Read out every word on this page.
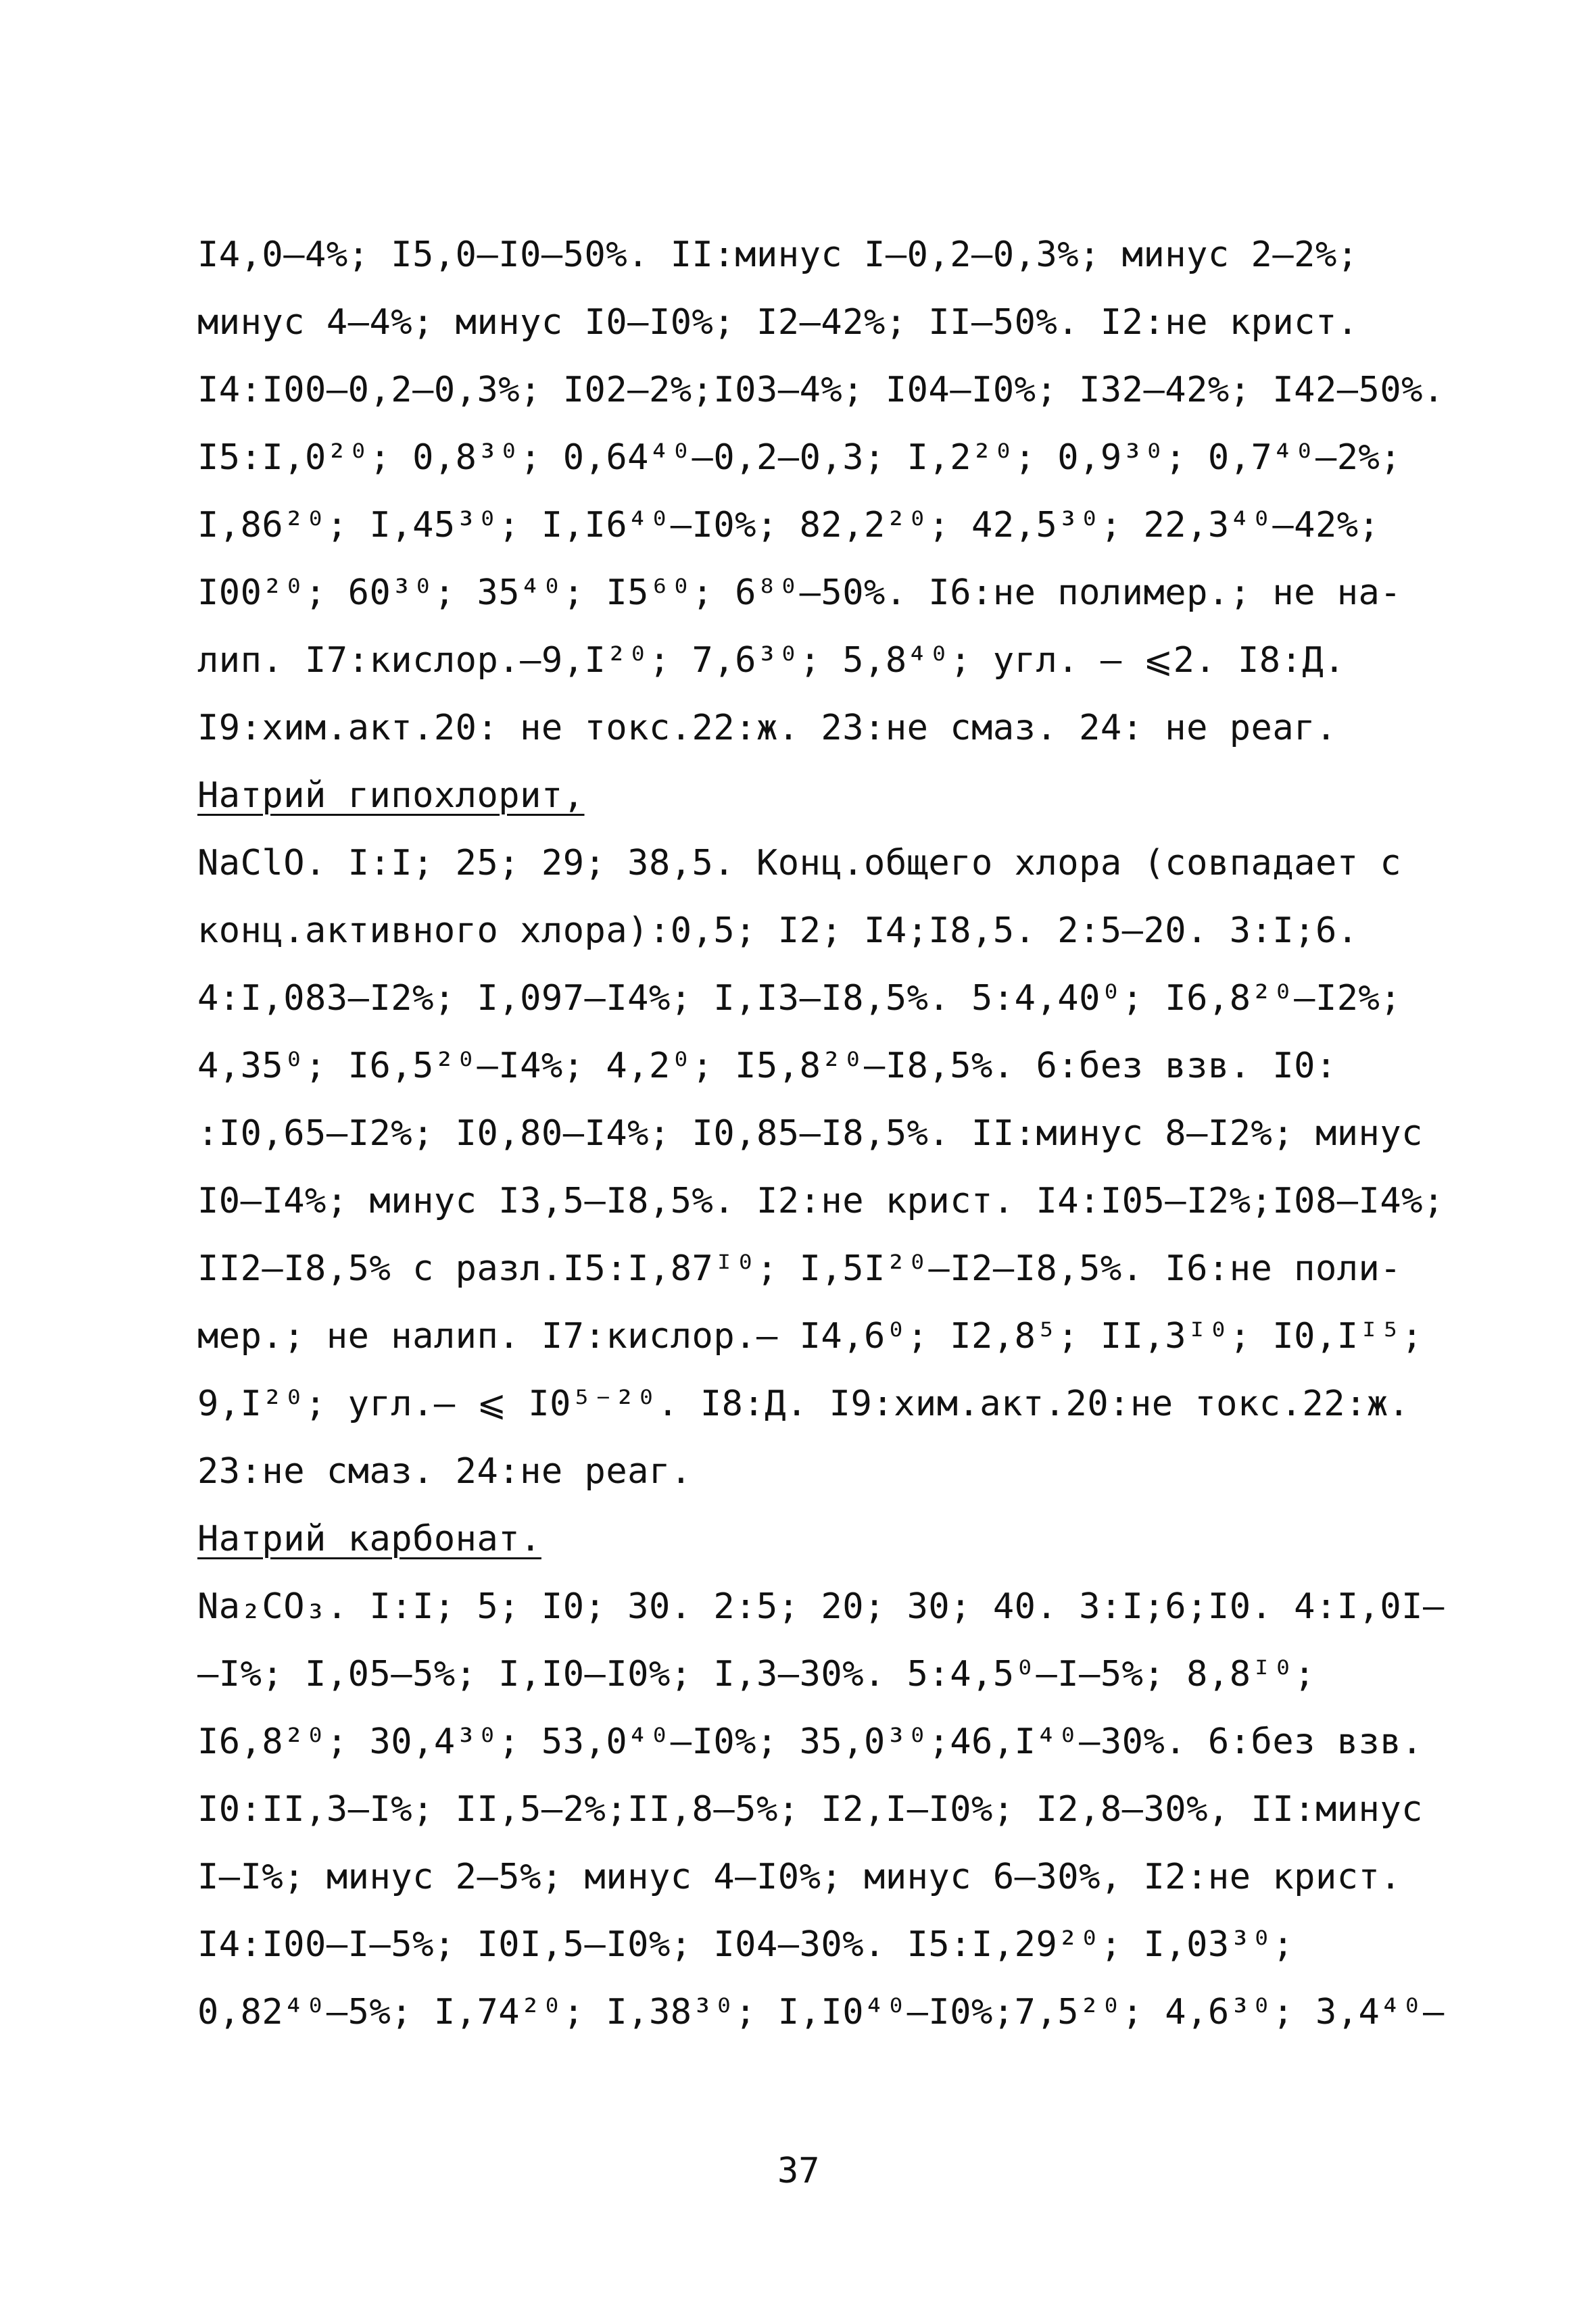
I4,0–4%; I5,0–I0–50%. II:минус I–0,2–0,3%; минус 2–2%;
минус 4–4%; минус I0–I0%; I2–42%; II–50%. I2:не крист.
I4:I00–0,2–0,3%; I02–2%;I03–4%; I04–I0%; I32–42%; I42–50%.
I5:I,0²⁰; 0,8³⁰; 0,64⁴⁰–0,2–0,3; I,2²⁰; 0,9³⁰; 0,7⁴⁰–2%;
I,86²⁰; I,45³⁰; I,I6⁴⁰–I0%; 82,2²⁰; 42,5³⁰; 22,3⁴⁰–42%;
I00²⁰; 60³⁰; 35⁴⁰; I5⁶⁰; 6⁸⁰–50%. I6:не полимер.; не на-
лип. I7:кислор.–9,I²⁰; 7,6³⁰; 5,8⁴⁰; угл. – ⩽2. I8:Д.
I9:хим.акт.20: не токс.22:ж. 23:не смаз. 24: не реаг.
Натрий гипохлорит,
NaClO. I:I; 25; 29; 38,5. Конц.общего хлора (совпадает с
конц.активного хлора):0,5; I2; I4;I8,5. 2:5–20. 3:I;6.
4:I,083–I2%; I,097–I4%; I,I3–I8,5%. 5:4,40⁰; I6,8²⁰–I2%;
4,35⁰; I6,5²⁰–I4%; 4,2⁰; I5,8²⁰–I8,5%. 6:без взв. I0:
:I0,65–I2%; I0,80–I4%; I0,85–I8,5%. II:минус 8–I2%; минус
I0–I4%; минус I3,5–I8,5%. I2:не крист. I4:I05–I2%;I08–I4%;
II2–I8,5% с разл.I5:I,87ᴵ⁰; I,5I²⁰–I2–I8,5%. I6:не поли-
мер.; не налип. I7:кислор.– I4,6⁰; I2,8⁵; II,3ᴵ⁰; I0,Iᴵ⁵;
9,I²⁰; угл.– ⩽ I0⁵⁻²⁰. I8:Д. I9:хим.акт.20:не токс.22:ж.
23:не смаз. 24:не реаг.
Натрий карбонат.
Na₂CO₃. I:I; 5; I0; 30. 2:5; 20; 30; 40. 3:I;6;I0. 4:I,0I–
–I%; I,05–5%; I,I0–I0%; I,3–30%. 5:4,5⁰–I–5%; 8,8ᴵ⁰;
I6,8²⁰; 30,4³⁰; 53,0⁴⁰–I0%; 35,0³⁰;46,I⁴⁰–30%. 6:без взв.
I0:II,3–I%; II,5–2%;II,8–5%; I2,I–I0%; I2,8–30%, II:минус
I–I%; минус 2–5%; минус 4–I0%; минус 6–30%, I2:не крист.
I4:I00–I–5%; I0I,5–I0%; I04–30%. I5:I,29²⁰; I,03³⁰;
0,82⁴⁰–5%; I,74²⁰; I,38³⁰; I,I0⁴⁰–I0%;7,5²⁰; 4,6³⁰; 3,4⁴⁰–
37
